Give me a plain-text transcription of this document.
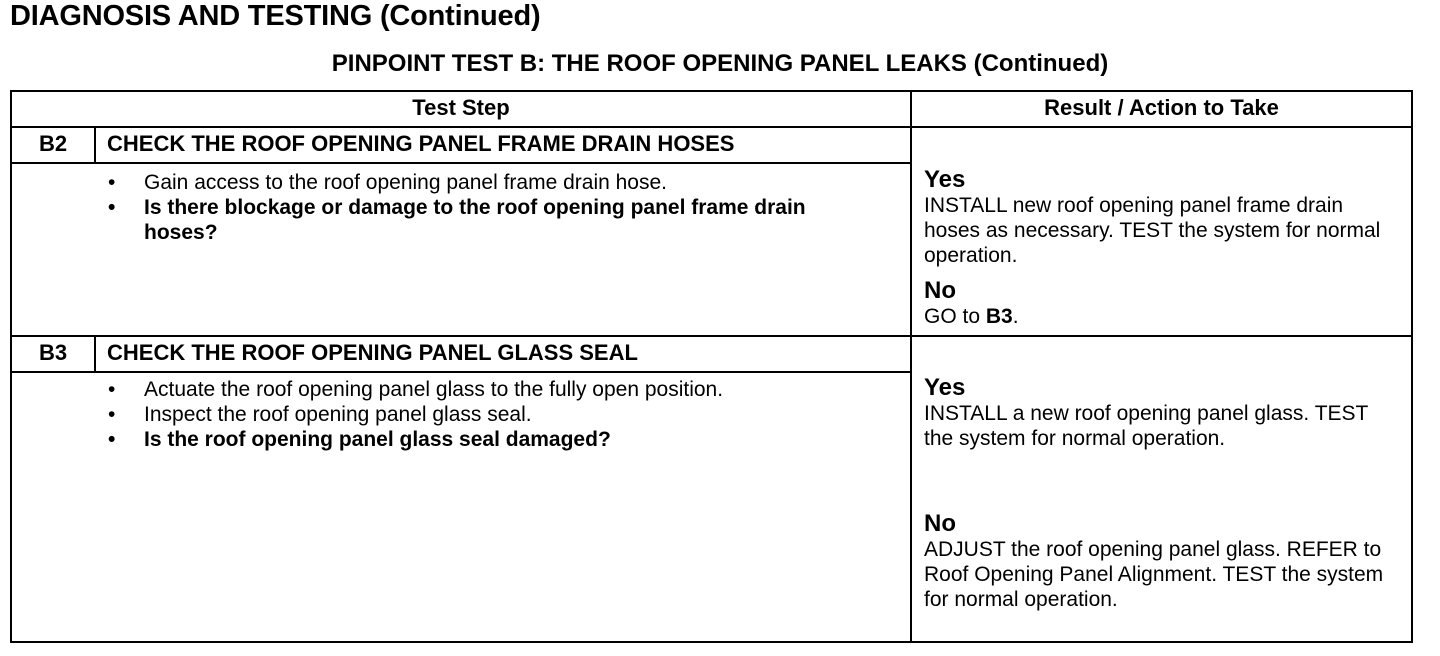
DIAGNOSIS AND TESTING (Continued)
PINPOINT TEST B: THE ROOF OPENING PANEL LEAKS (Continued)
Test Step	Result / Action to Take
B2	CHECK THE ROOF OPENING PANEL FRAME DRAIN HOSES
• Gain access to the roof opening panel frame drain hose.
• Is there blockage or damage to the roof opening panel frame drain hoses?
Yes
INSTALL new roof opening panel frame drain hoses as necessary. TEST the system for normal operation.
No
GO to B3.
B3	CHECK THE ROOF OPENING PANEL GLASS SEAL
• Actuate the roof opening panel glass to the fully open position.
• Inspect the roof opening panel glass seal.
• Is the roof opening panel glass seal damaged?
Yes
INSTALL a new roof opening panel glass. TEST the system for normal operation.
No
ADJUST the roof opening panel glass. REFER to Roof Opening Panel Alignment. TEST the system for normal operation.
